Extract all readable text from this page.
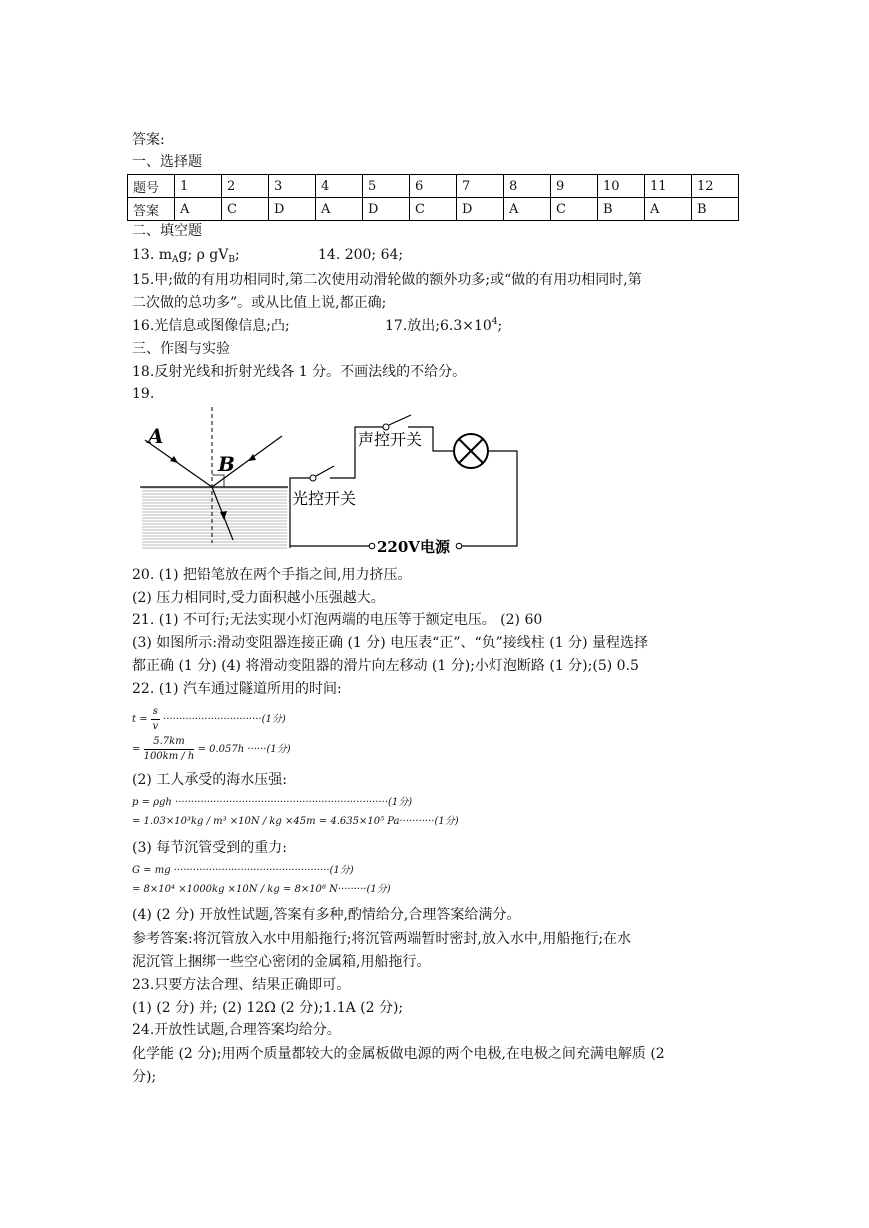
答案:
一、选择题
题号	1	2	3	4	5	6	7	8	9	10	11	12
答案	A	C	D	A	D	C	D	A	C	B	A	B
二、填空题
13. $m_Ag$; ρ $gV_B$;	14. 200; 64;
15.甲;做的有用功相同时,第二次使用动滑轮做的额外功多;或“做的有用功相同时,第
二次做的总功多”。或从比值上说,都正确;
16.光信息或图像信息;凸;	17.放出$;6.3\times 10^4$;
三、作图与实验
18.反射光线和折射光线各 1 分。不画法线的不给分。
19.
A
B
声控开关
光控开关
220V电源
20. (1) 把铅笔放在两个手指之间,用力挤压。
(2) 压力相同时,受力面积越小压强越大。
21. (1) 不可行;无法实现小灯泡两端的电压等于额定电压。 (2) 60
(3) 如图所示:滑动变阻器连接正确 (1 分) 电压表“正”、“负”接线柱 (1 分) 量程选择
都正确 (1 分) (4) 将滑动变阻器的滑片向左移动 (1 分);小灯泡断路 (1 分);(5) 0.5
22. (1) 汽车通过隧道所用的时间:
$t = \frac{s}{v} \cdot\cdot\cdot\cdot\cdot\cdot\cdot\cdot\cdot\cdot\cdot\cdot\cdot\cdot\cdot\cdot\cdot\cdot\cdot\cdot\cdot\cdot\cdot\cdot\cdot\cdot\cdot\cdot\cdot\cdot\cdot(1$分)
= $\frac{5.7km}{100km / h} = 0.057h \cdot\cdot\cdot\cdot\cdot\cdot(1$分)
(2) 工人承受的海水压强:
p = ρgh ···································································(1分)
= 1.03×10³kg / m³ ×10N / kg ×45m = 4.635×10⁵ Pa···········(1分)
(3) 每节沉管受到的重力:
G = mg ·················································(1分)
= 8×10⁴ ×1000kg ×10N / kg = 8×10⁸ N·········(1分)
(4) (2 分) 开放性试题,答案有多种,酌情给分,合理答案给满分。
参考答案:将沉管放入水中用船拖行;将沉管两端暂时密封,放入水中,用船拖行;在水
泥沉管上捆绑一些空心密闭的金属箱,用船拖行。
23.只要方法合理、结果正确即可。
(1) (2 分) 并; (2) 12Ω (2 分);1.1A (2 分);
24.开放性试题,合理答案均给分。
化学能 (2 分);用两个质量都较大的金属板做电源的两个电极,在电极之间充满电解质 (2
分);
